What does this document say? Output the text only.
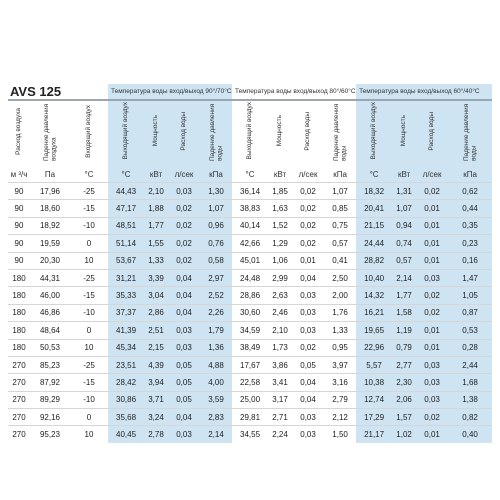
AVS 125			Температура воды вход/выход 90°/70°С				Температура воды вход/выход 80°/60°С				Температура воды вход/выход 60°/40°С			
Расход воздуха	Падение давления воздуха	Входящий воздух	Выходящий воздух	Мощность	Расход воды	Падение давления воды	Выходящий воздух	Мощность	Расход воды	Падение давления воды	Выходящий воздух	Мощность	Расход воды	Падение давления воды
м ³/ч	Па	°С	°С	кВт	л/сек	кПа	°С	кВт	л/сек	кПа	°С	кВт	л/сек	кПа
90	17,96	-25	44,43	2,10	0,03	1,30	36,14	1,85	0,02	1,07	18,32	1,31	0,02	0,62
90	18,60	-15	47,17	1,88	0,02	1,07	38,83	1,63	0,02	0,85	20,41	1,07	0,01	0,44
90	18,92	-10	48,51	1,77	0,02	0,96	40,14	1,52	0,02	0,75	21,15	0,94	0,01	0,35
90	19,59	0	51,14	1,55	0,02	0,76	42,66	1,29	0,02	0,57	24,44	0,74	0,01	0,23
90	20,30	10	53,67	1,33	0,02	0,58	45,01	1,06	0,01	0,41	28,82	0,57	0,01	0,16
180	44,31	-25	31,21	3,39	0,04	2,97	24,48	2,99	0,04	2,50	10,40	2,14	0,03	1,47
180	46,00	-15	35,33	3,04	0,04	2,52	28,86	2,63	0,03	2,00	14,32	1,77	0,02	1,05
180	46,86	-10	37,37	2,86	0,04	2,26	30,60	2,46	0,03	1,76	16,21	1,58	0,02	0,87
180	48,64	0	41,39	2,51	0,03	1,79	34,59	2,10	0,03	1,33	19,65	1,19	0,01	0,53
180	50,53	10	45,34	2,15	0,03	1,36	38,49	1,73	0,02	0,95	22,96	0,79	0,01	0,28
270	85,23	-25	23,51	4,39	0,05	4,88	17,67	3,86	0,05	3,97	5,57	2,77	0,03	2,44
270	87,92	-15	28,42	3,94	0,05	4,00	22,58	3,41	0,04	3,16	10,38	2,30	0,03	1,68
270	89,29	-10	30,86	3,71	0,05	3,59	25,00	3,17	0,04	2,79	12,74	2,06	0,03	1,38
270	92,16	0	35,68	3,24	0,04	2,83	29,81	2,71	0,03	2,12	17,29	1,57	0,02	0,82
270	95,23	10	40,45	2,78	0,03	2,14	34,55	2,24	0,03	1,50	21,17	1,02	0,01	0,40
